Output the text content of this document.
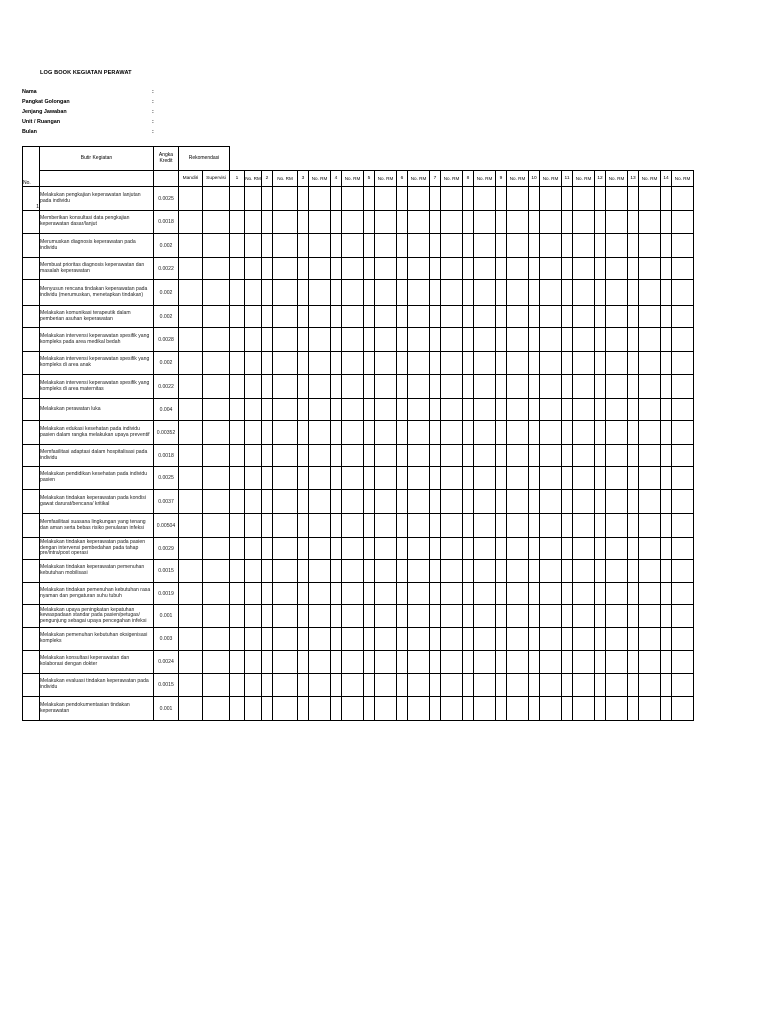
LOG BOOK KEGIATAN PERAWAT
Nama	:
Pangkat Golongan	:
Jenjang Jawaban	:
Unit / Ruangan	:
Bulan	:
No.	Butir Kegiatan	Angka Kredit	Rekomendasi																													
			Mandiri	Supervisi	1	No. RM	2	No. RM	3	No. RM	4	No. RM	5	No. RM	6	No. RM	7	No. RM	8	No. RM	9	No. RM	10	No. RM	11	No. RM	12	No. RM	13	No. RM	14	No. RM
1	Melakukan pengkajian keperawatan lanjutan pada individu	0.0025																														
	Memberikan konsultasi data pengkajian keperawatan dasar/lanjut	0.0018																														
	Merumuskan diagnosis keperawatan pada individu	0.002																														
	Membuat prioritas diagnosis keperawatan dan masalah keperawatan	0.0022																														
	Menyusun rencana tindakan keperawatan pada individu (merumuskan, menetapkan tindakan)	0.002																														
	Melakukan komunikasi terapeutik dalam pemberian asuhan keperawatan	0.002																														
	Melakukan intervensi keperawatan spesifik yang kompleks pada area medikal bedah	0.0028																														
	Melakukan intervensi keperawatan spesifik yang kompleks di area anak	0.002																														
	Melakukan intervensi keperawatan spesifik yang kompleks di area maternitas	0.0022																														
	Melakukan perawatan luka	0.004																														
	Melakukan edukasi kesehatan pada individu pasien dalam rangka melakukan upaya preventif	0.00352																														
	Memfasilitasi adaptasi dalam hospitalisasi pada individu	0.0018																														
	Melakukan pendidikan kesehatan pada individu pasien	0.0025																														
	Melakukan tindakan keperawatan pada kondisi gawat darurat/bencana/ kritikal	0.0037																														
	Memfasilitasi suasana lingkungan yang tenang dan aman serta bebas risiko penularan infeksi	0.00504																														
	Melakukan tindakan keperawatan pada pasien dengan intervensi pembedahan pada tahap pre/intra/post operasi	0.0029																														
	Melakukan tindakan keperawatan pemenuhan kebutuhan mobilisasi	0.0015																														
	Melakukan tindakan pemenuhan kebutuhan rasa nyaman dan pengaturan suhu tubuh	0.0019																														
	Melakukan upaya peningkatan kepatuhan kewaspadaan standar pada pasien/petugas/ pengunjung sebagai upaya pencegahan infeksi	0.001																														
	Melakukan pemenuhan kebutuhan oksigenisasi kompleks	0.003																														
	Melakukan konsultasi keperawatan dan kolaborasi dengan dokter	0.0024																														
	Melakukan evaluasi tindakan keperawatan pada individu	0.0015																														
	Melakukan pendokumentasian tindakan keperawatan	0.001																														
